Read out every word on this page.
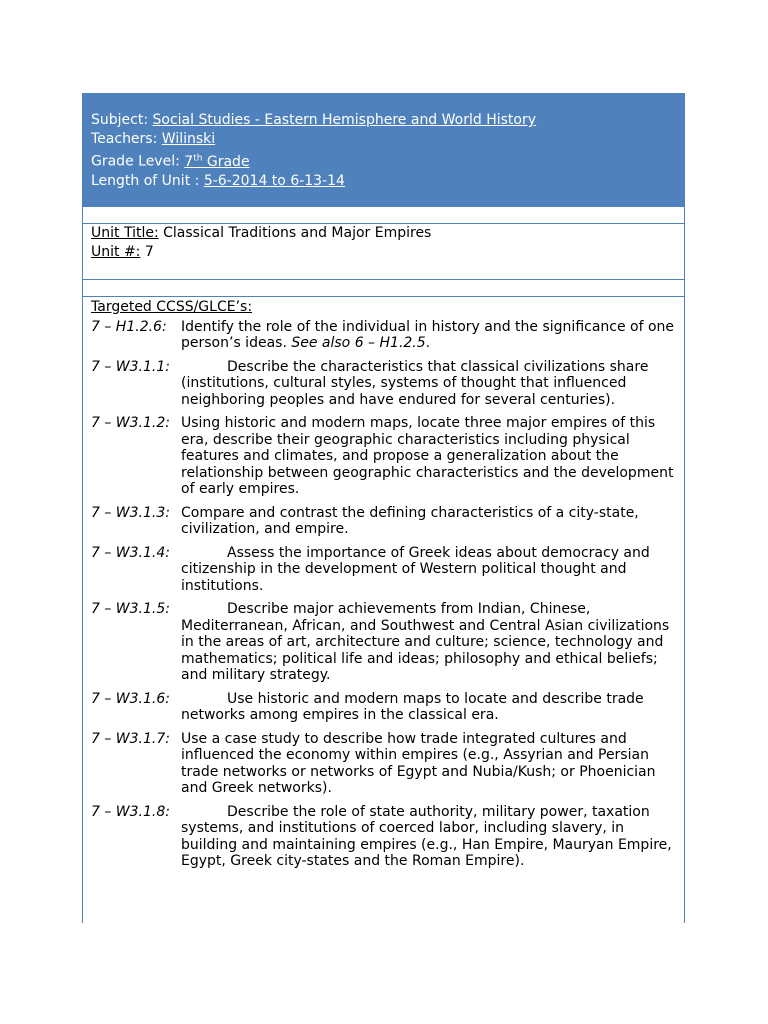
Subject: Social Studies - Eastern Hemisphere and World History
Teachers: Wilinski
Grade Level: 7th Grade
Length of Unit : 5-6-2014 to 6-13-14
Unit Title: Classical Traditions and Major Empires
Unit #: 7
Targeted CCSS/GLCE’s:
7 – H1.2.6:	Identify the role of the individual in history and the significance of one person’s ideas. See also 6 – H1.2.5.
7 – W3.1.1:	Describe the characteristics that classical civilizations share (institutions, cultural styles, systems of thought that influenced neighboring peoples and have endured for several centuries).
7 – W3.1.2: Using historic and modern maps, locate three major empires of this era, describe their geographic characteristics including physical features and climates, and propose a generalization about the relationship between geographic characteristics and the development of early empires.
7 – W3.1.3: Compare and contrast the defining characteristics of a city-state, civilization, and empire.
7 – W3.1.4:	Assess the importance of Greek ideas about democracy and citizenship in the development of Western political thought and institutions.
7 – W3.1.5:	Describe major achievements from Indian, Chinese, Mediterranean, African, and Southwest and Central Asian civilizations in the areas of art, architecture and culture; science, technology and mathematics; political life and ideas; philosophy and ethical beliefs; and military strategy.
7 – W3.1.6:	Use historic and modern maps to locate and describe trade networks among empires in the classical era.
7 – W3.1.7: Use a case study to describe how trade integrated cultures and influenced the economy within empires (e.g., Assyrian and Persian trade networks or networks of Egypt and Nubia/Kush; or Phoenician and Greek networks).
7 – W3.1.8:	Describe the role of state authority, military power, taxation systems, and institutions of coerced labor, including slavery, in building and maintaining empires (e.g., Han Empire, Mauryan Empire, Egypt, Greek city-states and the Roman Empire).
